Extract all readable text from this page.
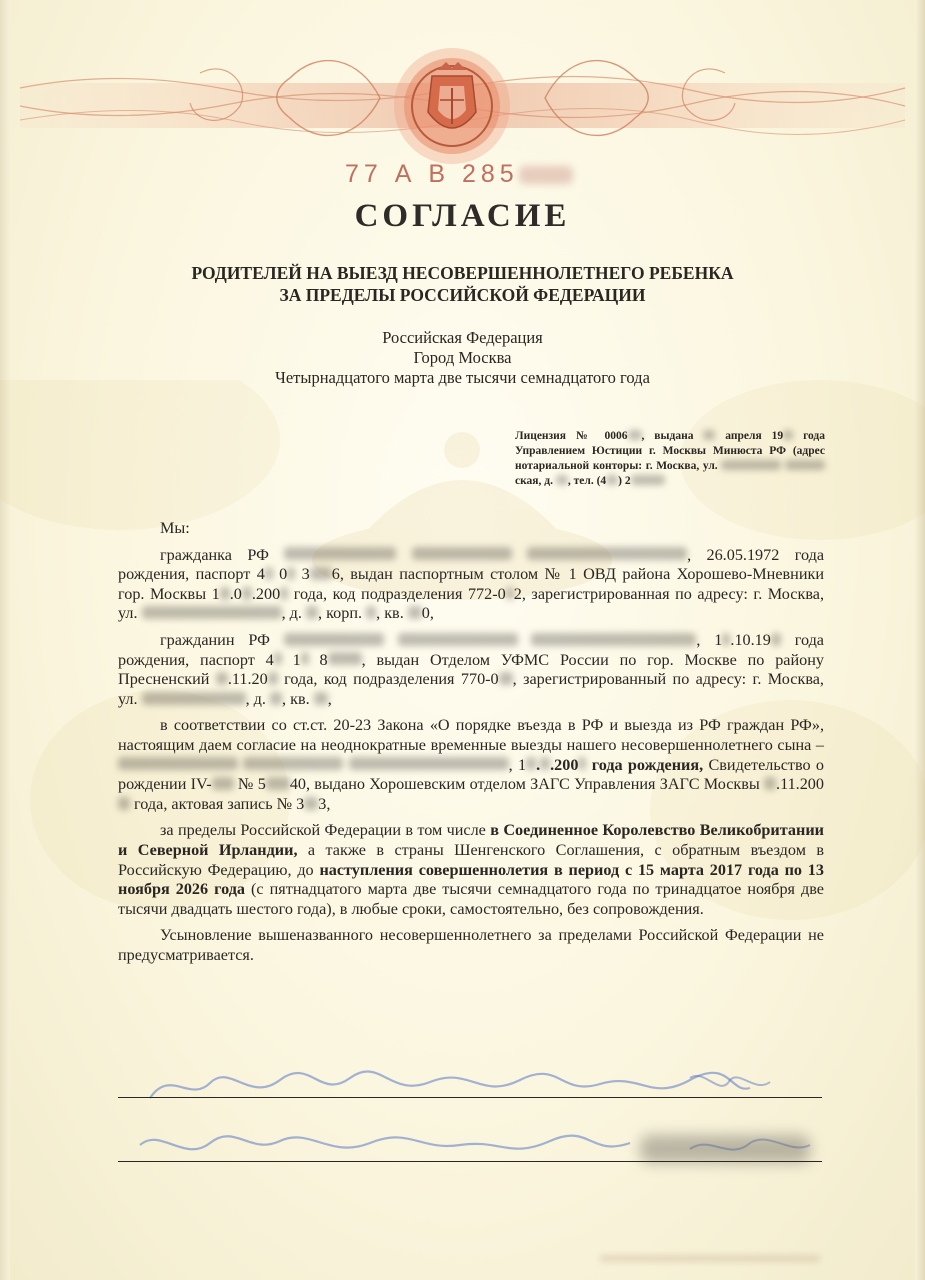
77 А В 285
СОГЛАСИЕ
РОДИТЕЛЕЙ НА ВЫЕЗД НЕСОВЕРШЕННОЛЕТНЕГО РЕБЕНКА
ЗА ПРЕДЕЛЫ РОССИЙСКОЙ ФЕДЕРАЦИИ
Российская Федерация
Город Москва
Четырнадцатого марта две тысячи семнадцатого года

Лицензия № 0006 , выдана  апреля 19 года Управлением Юстиции г. Москвы Минюста РФ (адрес нотариальной конторы: г. Москва, ул.  ская, д. , тел. (4 ) 2

Мы:

гражданка РФ	, 26.05.1972 года рождения, паспорт 4 0 3 6, выдан паспортным столом № 1 ОВД района Хорошево-Мневники гор. Москвы 1 .0 .200 года, код подразделения 772-0 2, зарегистрированная по адресу: г. Москва, ул.	, д. , корп. , кв. 0,

гражданин РФ	, 1 .10.19 года рождения, паспорт 4 1 8 , выдан Отделом УФМС России по гор. Москве по району Пресненский .11.20 года, код подразделения 770-0 , зарегистрированный по адресу: г. Москва, ул.	, д. , кв. ,

в соответствии со ст.ст. 20-23 Закона «О порядке въезда в РФ и выезда из РФ граждан РФ», настоящим даем согласие на неоднократные временные выезды нашего несовершеннолетнего сына –   , 1 . .200 года рождения, Свидетельство о рождении IV- № 5 40, выдано Хорошевским отделом ЗАГС Управления ЗАГС Москвы .11.200 года, актовая запись № 3 3,

за пределы Российской Федерации в том числе в Соединенное Королевство Великобритании и Северной Ирландии, а также в страны Шенгенского Соглашения, с обратным въездом в Российскую Федерацию, до наступления совершеннолетия в период с 15 марта 2017 года по 13 ноября 2026 года (с пятнадцатого марта две тысячи семнадцатого года по тринадцатое ноября две тысячи двадцать шестого года), в любые сроки, самостоятельно, без сопровождения.

Усыновление вышеназванного несовершеннолетнего за пределами Российской Федерации не предусматривается.
